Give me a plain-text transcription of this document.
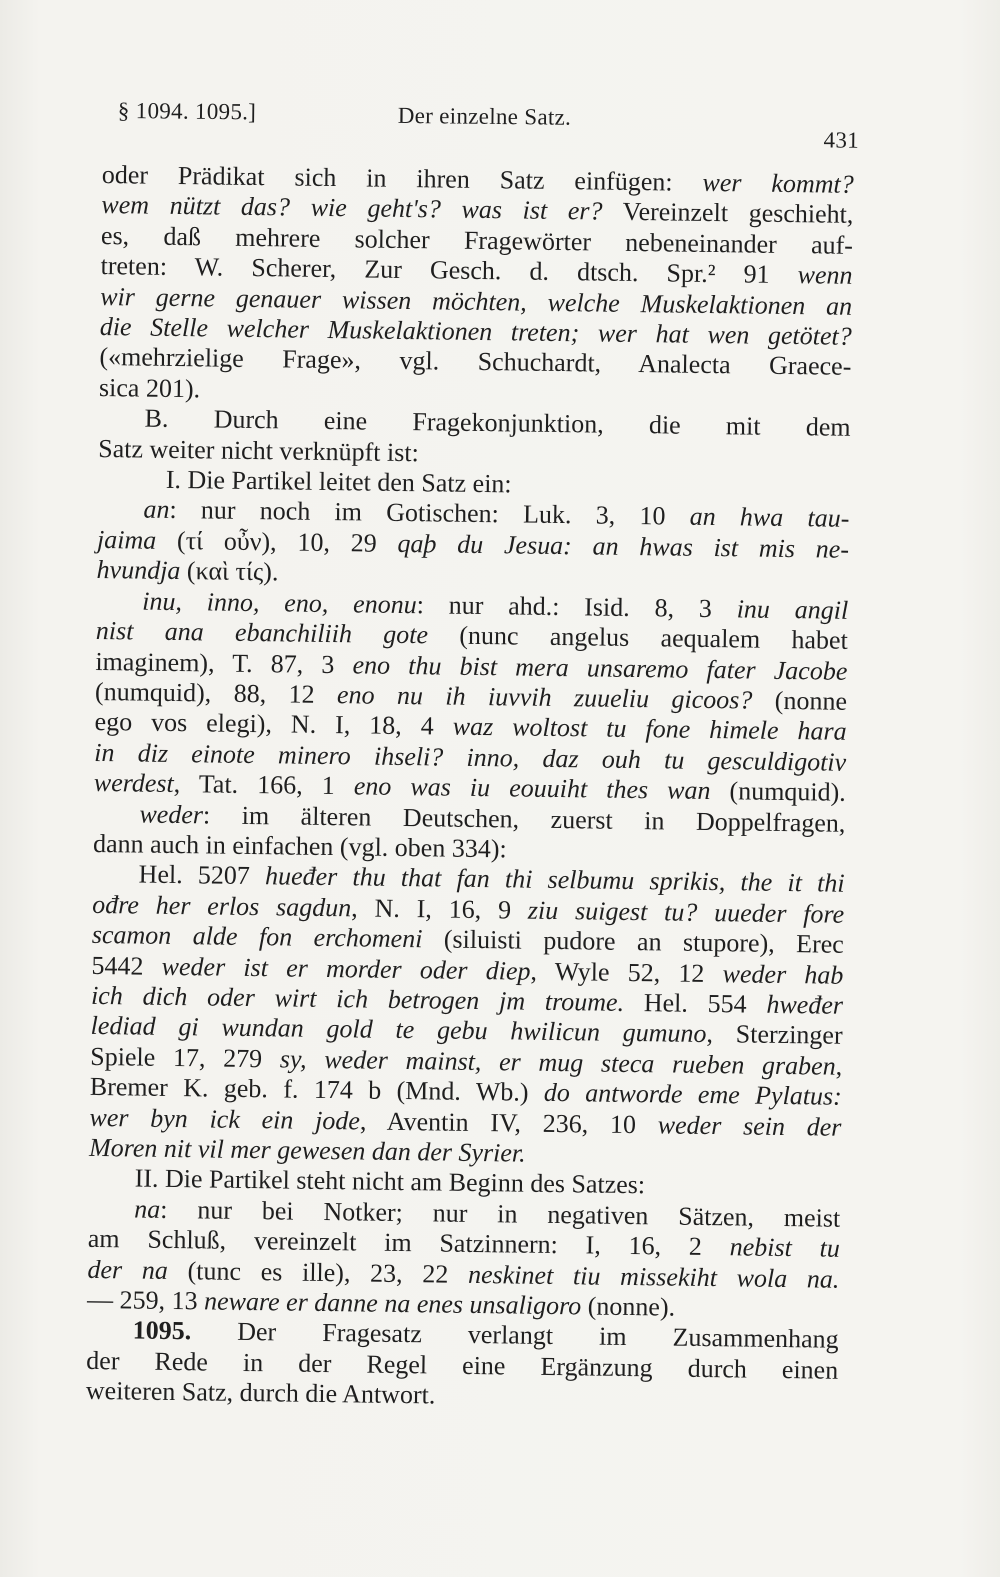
§ 1094. 1095.]	Der einzelne Satz.
431
oder Prädikat sich in ihren Satz einfügen: wer kommt?
wem nützt das? wie geht's? was ist er? Vereinzelt geschieht,
es, daß mehrere solcher Fragewörter nebeneinander auf-
treten: W. Scherer, Zur Gesch. d. dtsch. Spr.² 91 wenn
wir gerne genauer wissen möchten, welche Muskelaktionen an
die Stelle welcher Muskelaktionen treten; wer hat wen getötet?
(«mehrzielige Frage», vgl. Schuchardt, Analecta Graece-
sica 201).
B. Durch eine Fragekonjunktion, die mit dem
Satz weiter nicht verknüpft ist:
I. Die Partikel leitet den Satz ein:
an: nur noch im Gotischen: Luk. 3, 10 an hwa tau-
jaima (τί οὖν), 10, 29 qaþ du Jesua: an hwas ist mis ne-
hvundja (καὶ τίς).
inu, inno, eno, enonu: nur ahd.: Isid. 8, 3 inu angil
nist ana ebanchiliih gote (nunc angelus aequalem habet
imaginem), T. 87, 3 eno thu bist mera unsaremo fater Jacobe
(numquid), 88, 12 eno nu ih iuvvih zuueliu gicoos? (nonne
ego vos elegi), N. I, 18, 4 waz woltost tu fone himele hara
in diz einote minero ihseli? inno, daz ouh tu gesculdigotiv
werdest, Tat. 166, 1 eno was iu eouuiht thes wan (numquid).
weder: im älteren Deutschen, zuerst in Doppelfragen,
dann auch in einfachen (vgl. oben 334):
Hel. 5207 hueđer thu that fan thi selbumu sprikis, the it thi
ođre her erlos sagdun, N. I, 16, 9 ziu suigest tu? uueder fore
scamon alde fon erchomeni (siluisti pudore an stupore), Erec
5442 weder ist er morder oder diep, Wyle 52, 12 weder hab
ich dich oder wirt ich betrogen jm troume. Hel. 554 hweđer
lediad gi wundan gold te gebu hwilicun gumuno, Sterzinger
Spiele 17, 279 sy, weder mainst, er mug steca rueben graben,
Bremer K. geb. f. 174 b (Mnd. Wb.) do antworde eme Pylatus:
wer byn ick ein jode, Aventin IV, 236, 10 weder sein der
Moren nit vil mer gewesen dan der Syrier.
II. Die Partikel steht nicht am Beginn des Satzes:
na: nur bei Notker; nur in negativen Sätzen, meist
am Schluß, vereinzelt im Satzinnern: I, 16, 2 nebist tu
der na (tunc es ille), 23, 22 neskinet tiu missekiht wola na.
— 259, 13 neware er danne na enes unsaligoro (nonne).
1095. Der Fragesatz verlangt im Zusammenhang
der Rede in der Regel eine Ergänzung durch einen
weiteren Satz, durch die Antwort.
